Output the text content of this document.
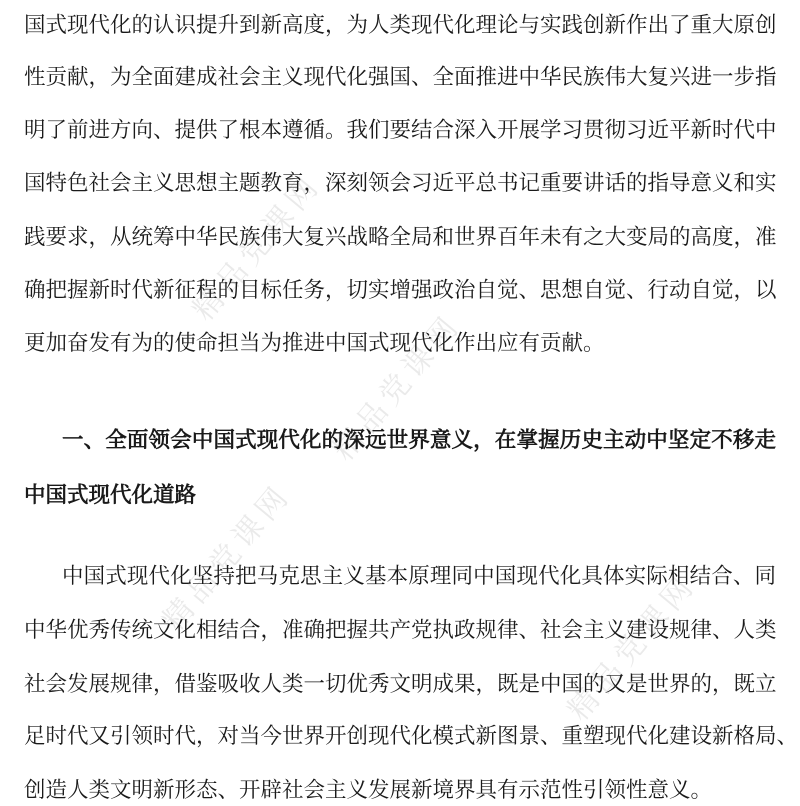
精品党课网
精品党课网
精品党课网
精品党课网
国式现代化的认识提升到新高度，为人类现代化理论与实践创新作出了重大原创
性贡献，为全面建成社会主义现代化强国、全面推进中华民族伟大复兴进一步指
明了前进方向、提供了根本遵循。我们要结合深入开展学习贯彻习近平新时代中
国特色社会主义思想主题教育，深刻领会习近平总书记重要讲话的指导意义和实
践要求，从统筹中华民族伟大复兴战略全局和世界百年未有之大变局的高度，准
确把握新时代新征程的目标任务，切实增强政治自觉、思想自觉、行动自觉，以
更加奋发有为的使命担当为推进中国式现代化作出应有贡献。
一、全面领会中国式现代化的深远世界意义，在掌握历史主动中坚定不移走
中国式现代化道路
中国式现代化坚持把马克思主义基本原理同中国现代化具体实际相结合、同
中华优秀传统文化相结合，准确把握共产党执政规律、社会主义建设规律、人类
社会发展规律，借鉴吸收人类一切优秀文明成果，既是中国的又是世界的，既立
足时代又引领时代，对当今世界开创现代化模式新图景、重塑现代化建设新格局、
创造人类文明新形态、开辟社会主义发展新境界具有示范性引领性意义。
